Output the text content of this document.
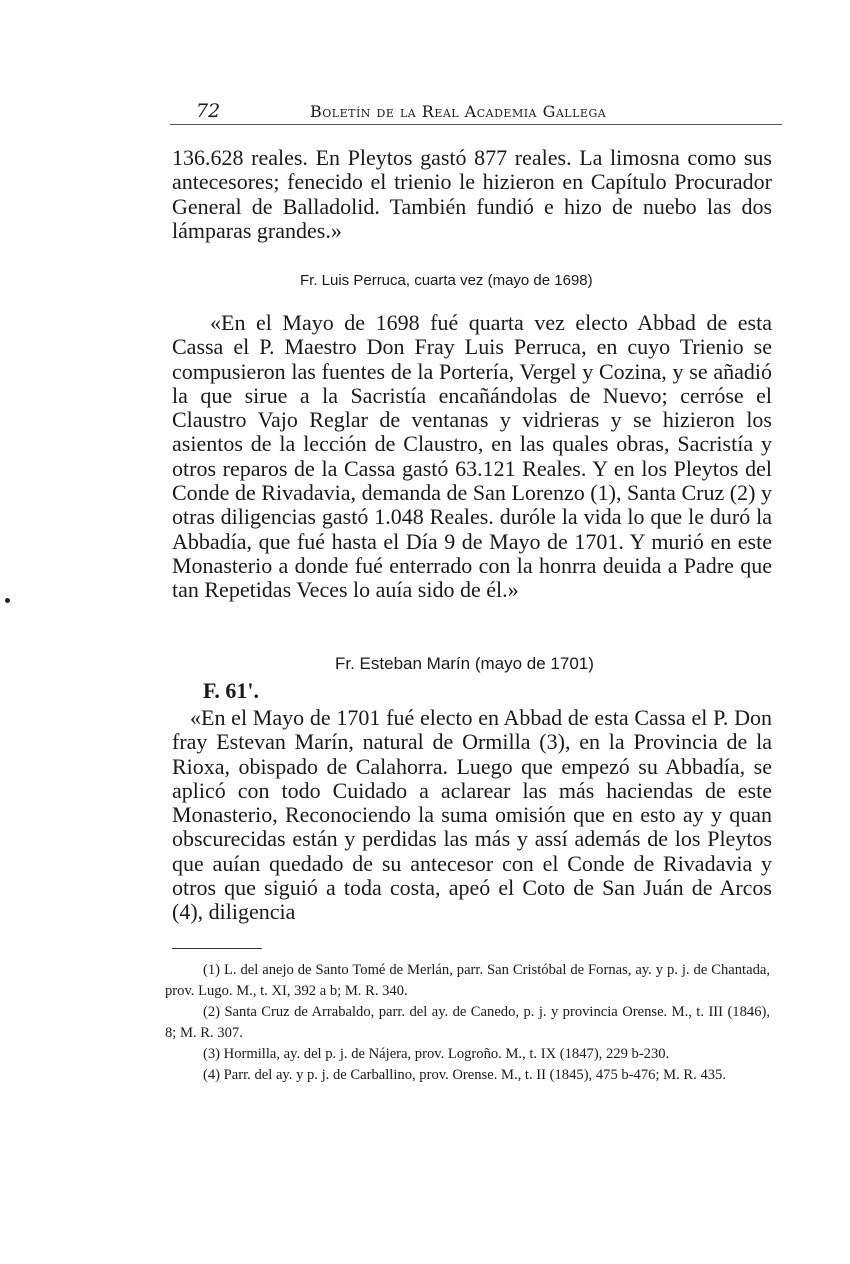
72	Boletín de la Real Academia Gallega

136.628 reales. En Pleytos gastó 877 reales. La limosna como sus antecesores; fenecido el trienio le hizieron en Capítulo Procurador General de Balladolid. También fundió e hizo de nuebo las dos lámparas grandes.»

Fr. Luis Perruca, cuarta vez (mayo de 1698)

«En el Mayo de 1698 fué quarta vez electo Abbad de esta Cassa el P. Maestro Don Fray Luis Perruca, en cuyo Trienio se compusieron las fuentes de la Portería, Vergel y Cozina, y se añadió la que sirue a la Sacristía encañándolas de Nuevo; cerróse el Claustro Vajo Reglar de ventanas y vidrieras y se hizieron los asientos de la lección de Claustro, en las quales obras, Sacristía y otros reparos de la Cassa gastó 63.121 Reales. Y en los Pleytos del Conde de Rivadavia, demanda de San Lorenzo (1), Santa Cruz (2) y otras diligencias gastó 1.048 Reales. duróle la vida lo que le duró la Abbadía, que fué hasta el Día 9 de Mayo de 1701. Y murió en este Monasterio a donde fué enterrado con la honrra deuida a Padre que tan Repetidas Veces lo auía sido de él.»

Fr. Esteban Marín (mayo de 1701)
F. 61'.

«En el Mayo de 1701 fué electo en Abbad de esta Cassa el P. Don fray Estevan Marín, natural de Ormilla (3), en la Provincia de la Rioxa, obispado de Calahorra. Luego que empezó su Abbadía, se aplicó con todo Cuidado a aclarear las más haciendas de este Monasterio, Reconociendo la suma omisión que en esto ay y quan obscurecidas están y perdidas las más y assí además de los Pleytos que auían quedado de su antecesor con el Conde de Rivadavia y otros que siguió a toda costa, apeó el Coto de San Juán de Arcos (4), diligencia

(1) L. del anejo de Santo Tomé de Merlán, parr. San Cristóbal de Fornas, ay. y p. j. de Chantada, prov. Lugo. M., t. XI, 392 a b; M. R. 340.

(2) Santa Cruz de Arrabaldo, parr. del ay. de Canedo, p. j. y provincia Orense. M., t. III (1846), 8; M. R. 307.

(3) Hormilla, ay. del p. j. de Nájera, prov. Logroño. M., t. IX (1847), 229 b-230.

(4) Parr. del ay. y p. j. de Carballino, prov. Orense. M., t. II (1845), 475 b-476; M. R. 435.
